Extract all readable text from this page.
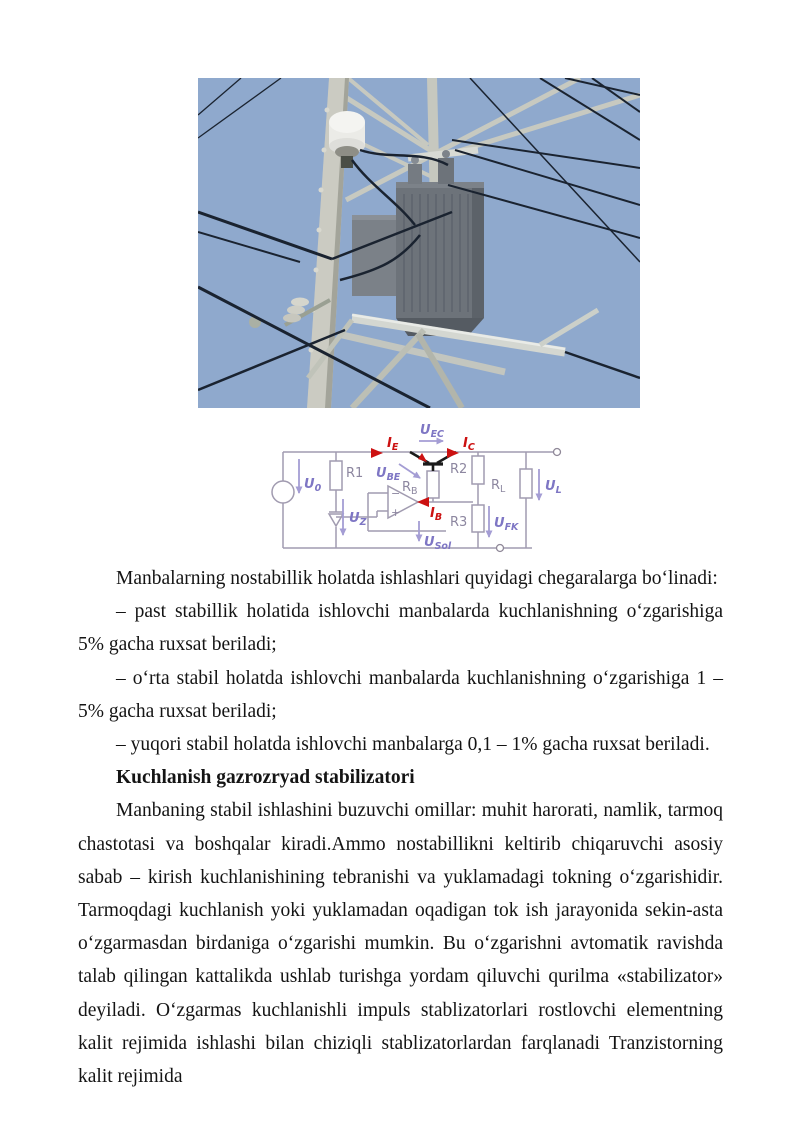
−
+
$U_0$
$U_Z$
$U_{EC}$
$U_{BE}$
$U_L$
$U_{FK}$
$U_{Sol}$
$I_E$	$I_C$
$I_B$
R1
$R_B$
R2
R3
$R_L$

Manbalarning nostabillik holatda ishlashlari quyidagi chegaralarga bo‘linadi:

– past stabillik holatida ishlovchi manbalarda kuchlanishning o‘zgarishiga 5% gacha ruxsat beriladi;

– o‘rta stabil holatda ishlovchi manbalarda kuchlanishning o‘zgarishiga 1 – 5% gacha ruxsat beriladi;

– yuqori stabil holatda ishlovchi manbalarga 0,1 – 1% gacha ruxsat beriladi.

Kuchlanish gazrozryad stabilizatori

Manbaning stabil ishlashini buzuvchi omillar: muhit harorati, namlik, tarmoq chastotasi va boshqalar kiradi.Ammo nostabillikni keltirib chiqaruvchi asosiy sabab – kirish kuchlanishining tebranishi va yuklamadagi tokning o‘zgarishidir. Tarmoqdagi kuchlanish yoki yuklamadan oqadigan tok ish jarayonida sekin-asta o‘zgarmasdan birdaniga o‘zgarishi mumkin. Bu o‘zgarishni avtomatik ravishda talab qilingan kattalikda ushlab turishga yordam qiluvchi qurilma «stabilizator» deyiladi. O‘zgarmas kuchlanishli impuls stablizatorlari rostlovchi elementning kalit rejimida ishlashi bilan chiziqli stablizatorlardan farqlanadi Tranzistorning kalit rejimida
